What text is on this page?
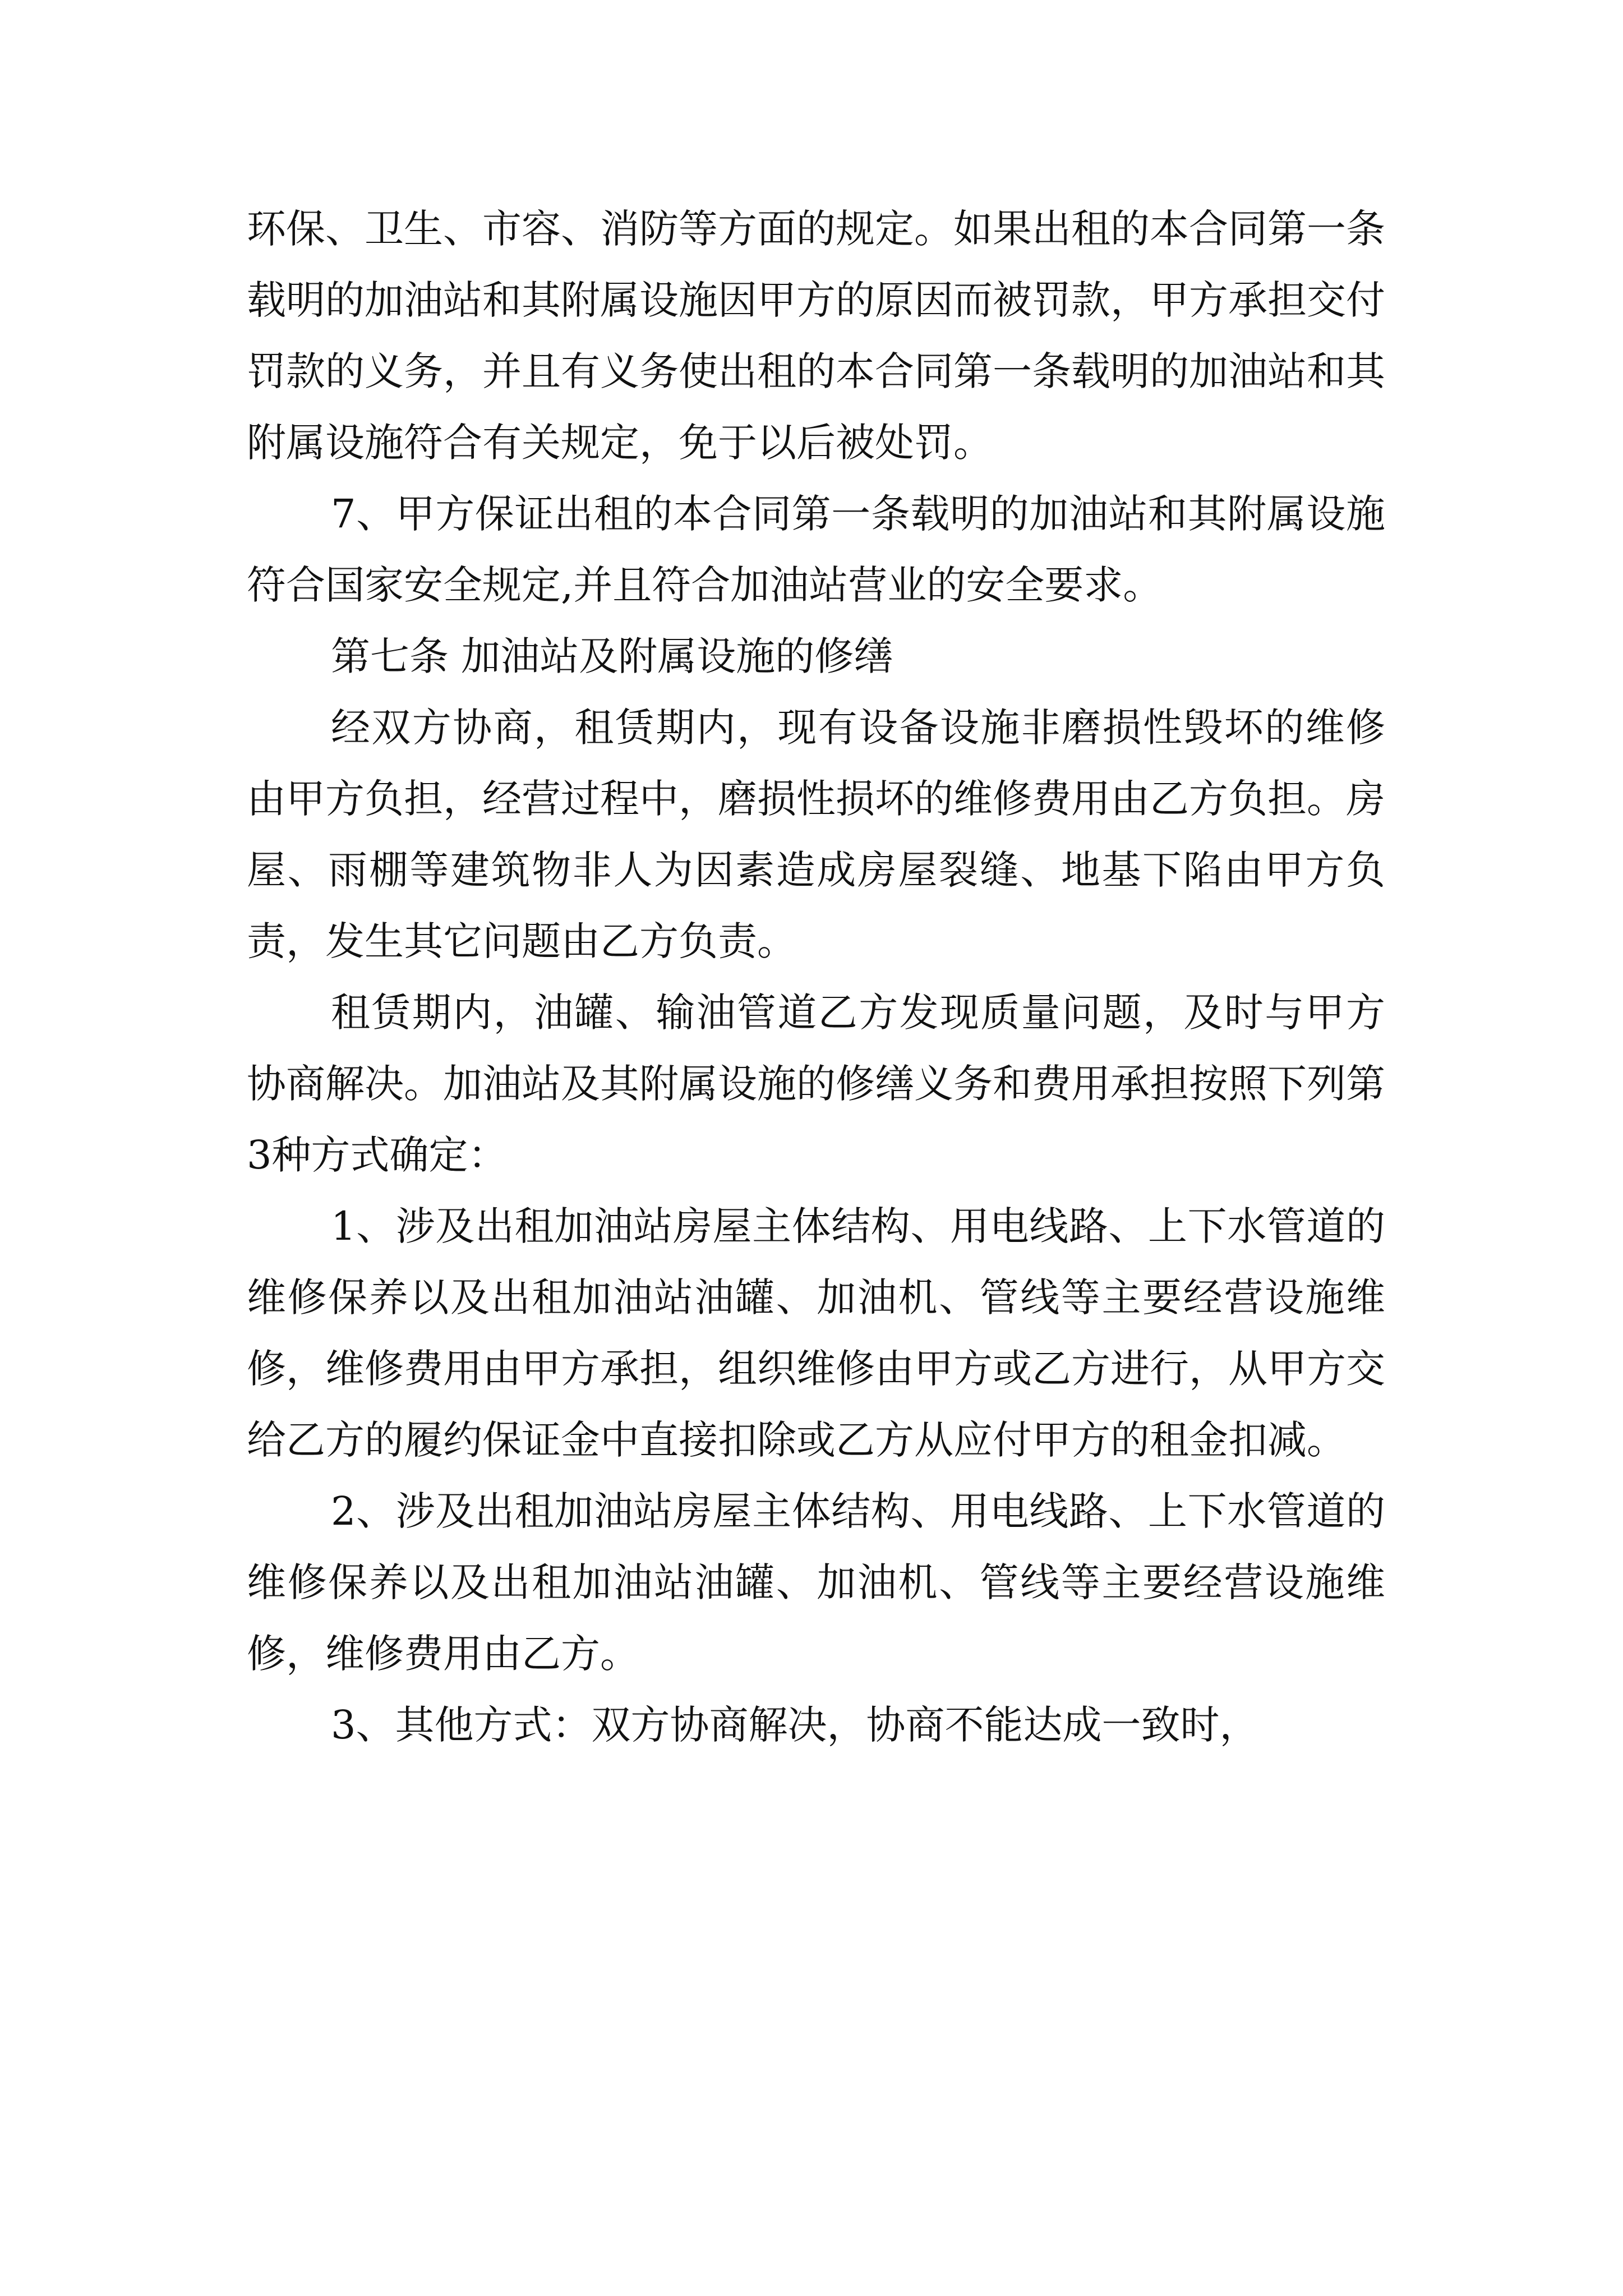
环保、卫生、市容、消防等方面的规定。如果出租的本合同第一条载明的加油站和其附属设施因甲方的原因而被罚款，甲方承担交付罚款的义务，并且有义务使出租的本合同第一条载明的加油站和其附属设施符合有关规定，免于以后被处罚。

7、甲方保证出租的本合同第一条载明的加油站和其附属设施符合国家安全规定,并且符合加油站营业的安全要求。

第七条 加油站及附属设施的修缮

经双方协商，租赁期内，现有设备设施非磨损性毁坏的维修由甲方负担，经营过程中，磨损性损坏的维修费用由乙方负担。房屋、雨棚等建筑物非人为因素造成房屋裂缝、地基下陷由甲方负责，发生其它问题由乙方负责。

租赁期内，油罐、输油管道乙方发现质量问题，及时与甲方协商解决。加油站及其附属设施的修缮义务和费用承担按照下列第3种方式确定：

1、涉及出租加油站房屋主体结构、用电线路、上下水管道的维修保养以及出租加油站油罐、加油机、管线等主要经营设施维修，维修费用由甲方承担，组织维修由甲方或乙方进行，从甲方交给乙方的履约保证金中直接扣除或乙方从应付甲方的租金扣减。

2、涉及出租加油站房屋主体结构、用电线路、上下水管道的维修保养以及出租加油站油罐、加油机、管线等主要经营设施维修，维修费用由乙方。

3、其他方式：双方协商解决，协商不能达成一致时，
